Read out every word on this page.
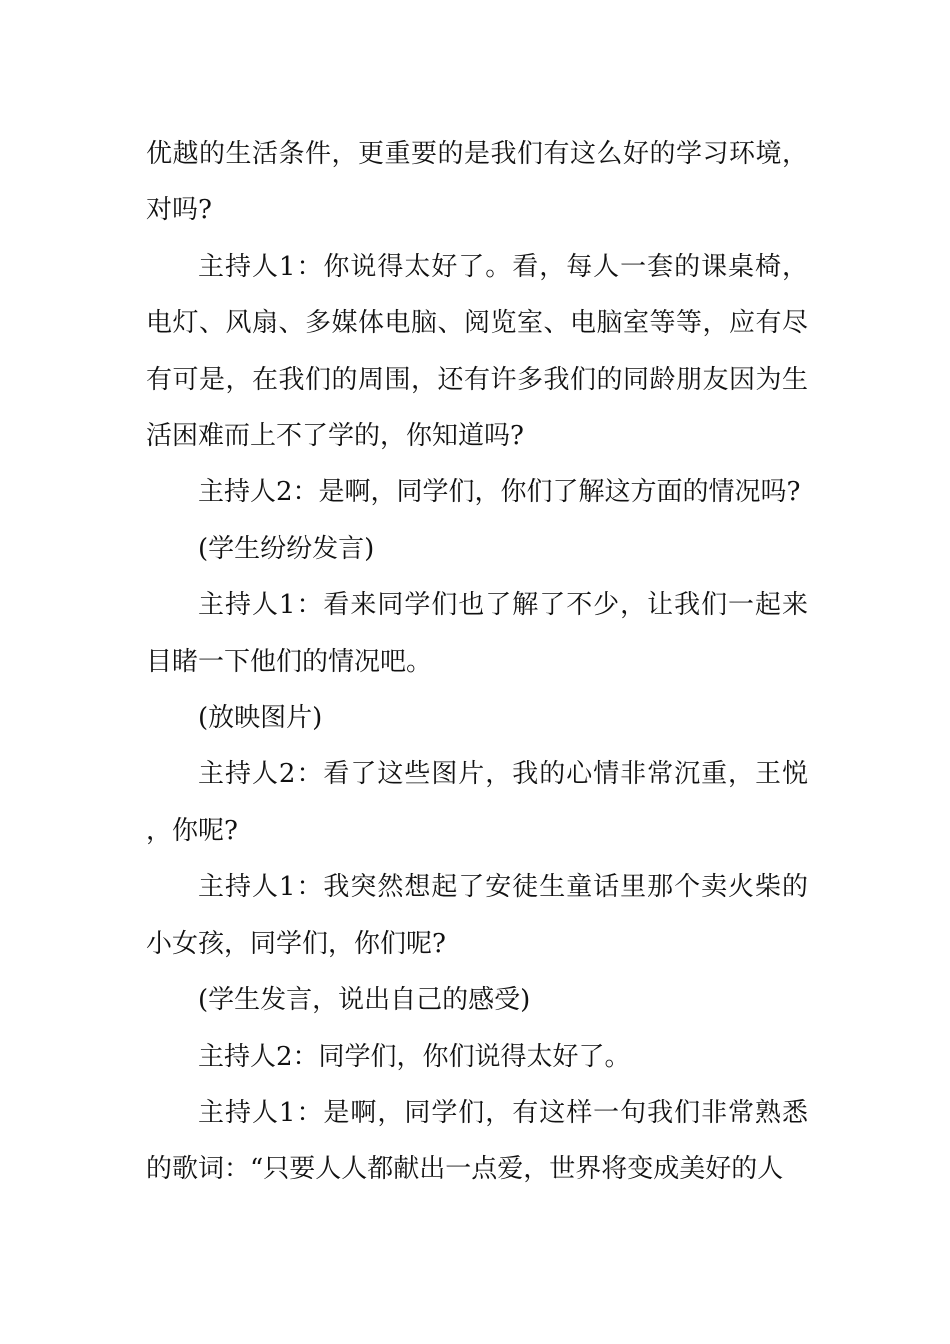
优越的生活条件，更重要的是我们有这么好的学习环境，对吗?

主持人1：你说得太好了。看，每人一套的课桌椅，电灯、风扇、多媒体电脑、阅览室、电脑室等等，应有尽有可是，在我们的周围，还有许多我们的同龄朋友因为生活困难而上不了学的，你知道吗?

主持人2：是啊，同学们，你们了解这方面的情况吗?

(学生纷纷发言)

主持人1：看来同学们也了解了不少，让我们一起来目睹一下他们的情况吧。

(放映图片)

主持人2：看了这些图片，我的心情非常沉重，王悦，你呢?

主持人1：我突然想起了安徒生童话里那个卖火柴的小女孩，同学们，你们呢?

(学生发言，说出自己的感受)

主持人2：同学们，你们说得太好了。

主持人1：是啊，同学们，有这样一句我们非常熟悉的歌词：“只要人人都献出一点爱，世界将变成美好的人
